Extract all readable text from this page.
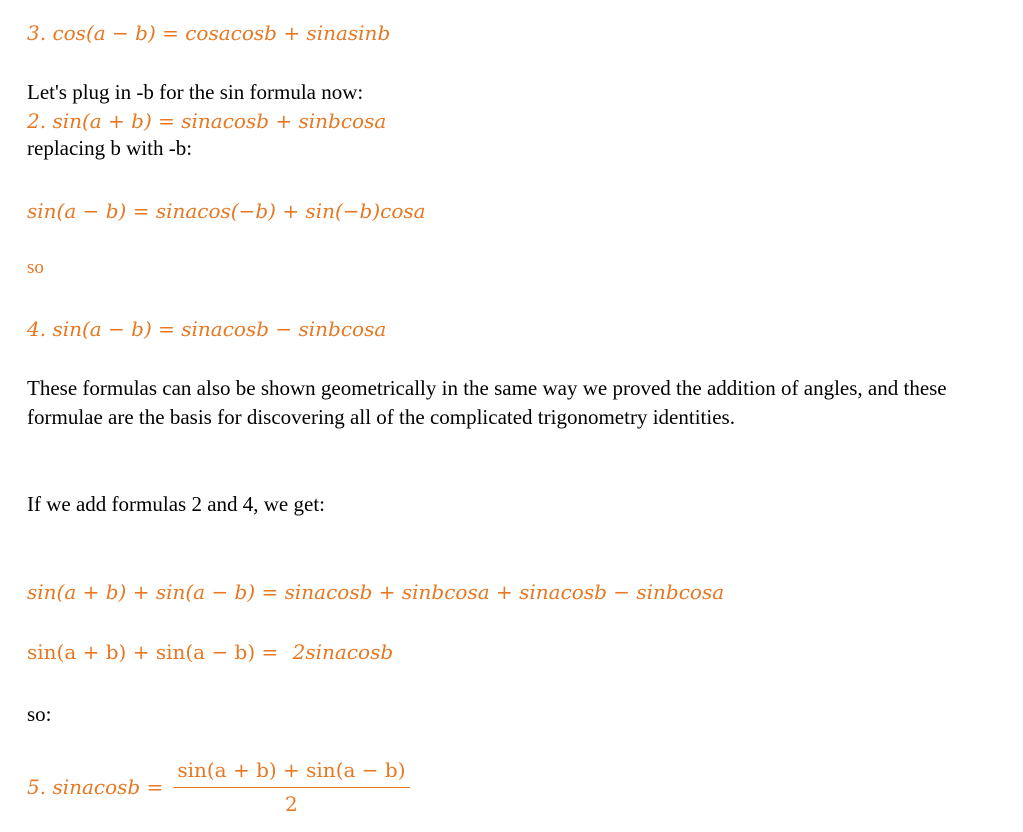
3. cos(a − b) = cosacosb + sinasinb
Let's plug in -b for the sin formula now:
2. sin(a + b) = sinacosb + sinbcosa
replacing b with -b:
sin(a − b) = sinacos(−b) + sin(−b)cosa
so
4. sin(a − b) = sinacosb − sinbcosa
These formulas can also be shown geometrically in the same way we proved the addition of angles, and these formulae are the basis for discovering all of the complicated trigonometry identities.
If we add formulas 2 and 4, we get:
sin(a + b) + sin(a − b) = sinacosb + sinbcosa + sinacosb − sinbcosa
sin(a + b) + sin(a − b) = 2sinacosb
so:
5. sinacosb = $\frac{\sin(a + b) + \sin(a - b)}{2}$
